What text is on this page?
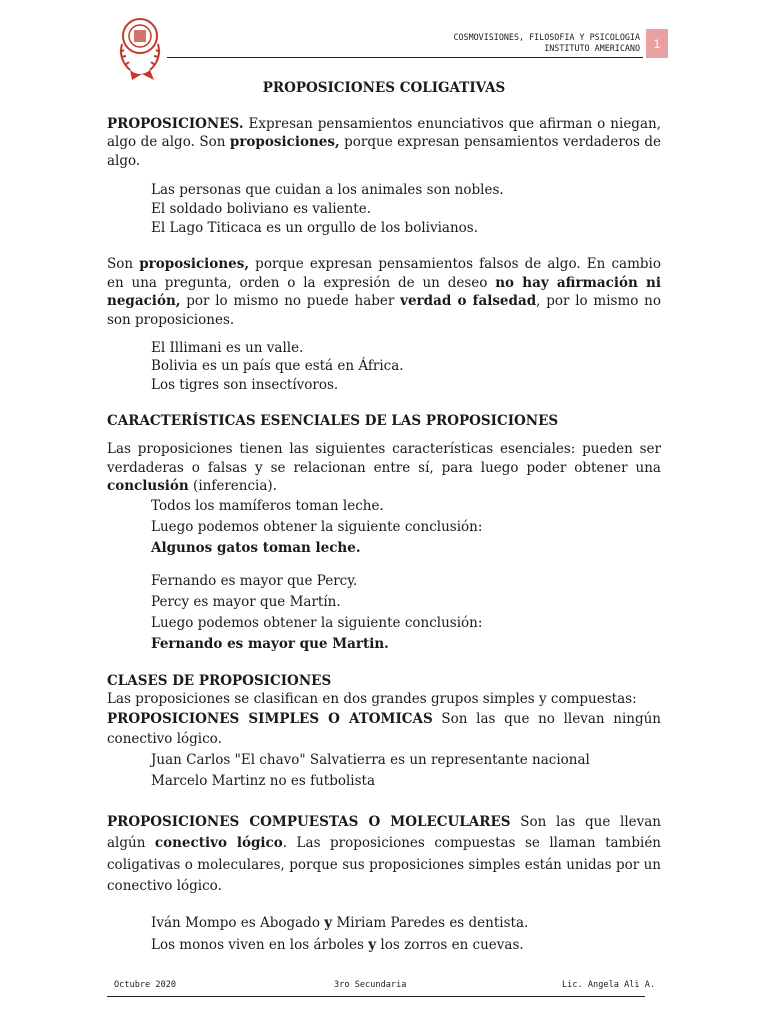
COSMOVISIONES, FILOSOFIA Y PSICOLOGIA
INSTITUTO AMERICANO	1
PROPOSICIONES COLIGATIVAS

PROPOSICIONES. Expresan pensamientos enunciativos que afirman o niegan, algo de algo. Son proposiciones, porque expresan pensamientos verdaderos de algo.

Las personas que cuidan a los animales son nobles.

El soldado boliviano es valiente.

El Lago Titicaca es un orgullo de los bolivianos.

Son proposiciones, porque expresan pensamientos falsos de algo. En cambio en una pregunta, orden o la expresión de un deseo no hay afirmación ni negación, por lo mismo no puede haber verdad o falsedad, por lo mismo no son proposiciones.

El Illimani es un valle.

Bolivia es un país que está en África.

Los tigres son insectívoros.

CARACTERÍSTICAS ESENCIALES DE LAS PROPOSICIONES

Las proposiciones tienen las siguientes características esenciales: pueden ser verdaderas o falsas y se relacionan entre sí, para luego poder obtener una conclusión (inferencia).

Todos los mamíferos toman leche.

Luego podemos obtener la siguiente conclusión:

Algunos gatos toman leche.

Fernando es mayor que Percy.

Percy es mayor que Martín.

Luego podemos obtener la siguiente conclusión:

Fernando es mayor que Martin.

CLASES DE PROPOSICIONES

Las proposiciones se clasifican en dos grandes grupos simples y compuestas:

PROPOSICIONES SIMPLES O ATOMICAS Son las que no llevan ningún conectivo lógico.

Juan Carlos "El chavo" Salvatierra es un representante nacional

Marcelo Martinz no es futbolista

PROPOSICIONES COMPUESTAS O MOLECULARES Son las que llevan algún conectivo lógico. Las proposiciones compuestas se llaman también coligativas o moleculares, porque sus proposiciones simples están unidas por un conectivo lógico.

Iván Mompo es Abogado y Miriam Paredes es dentista.

Los monos viven en los árboles y los zorros en cuevas.

Octubre 2020	3ro Secundaria	Lic. Angela Ali A.
